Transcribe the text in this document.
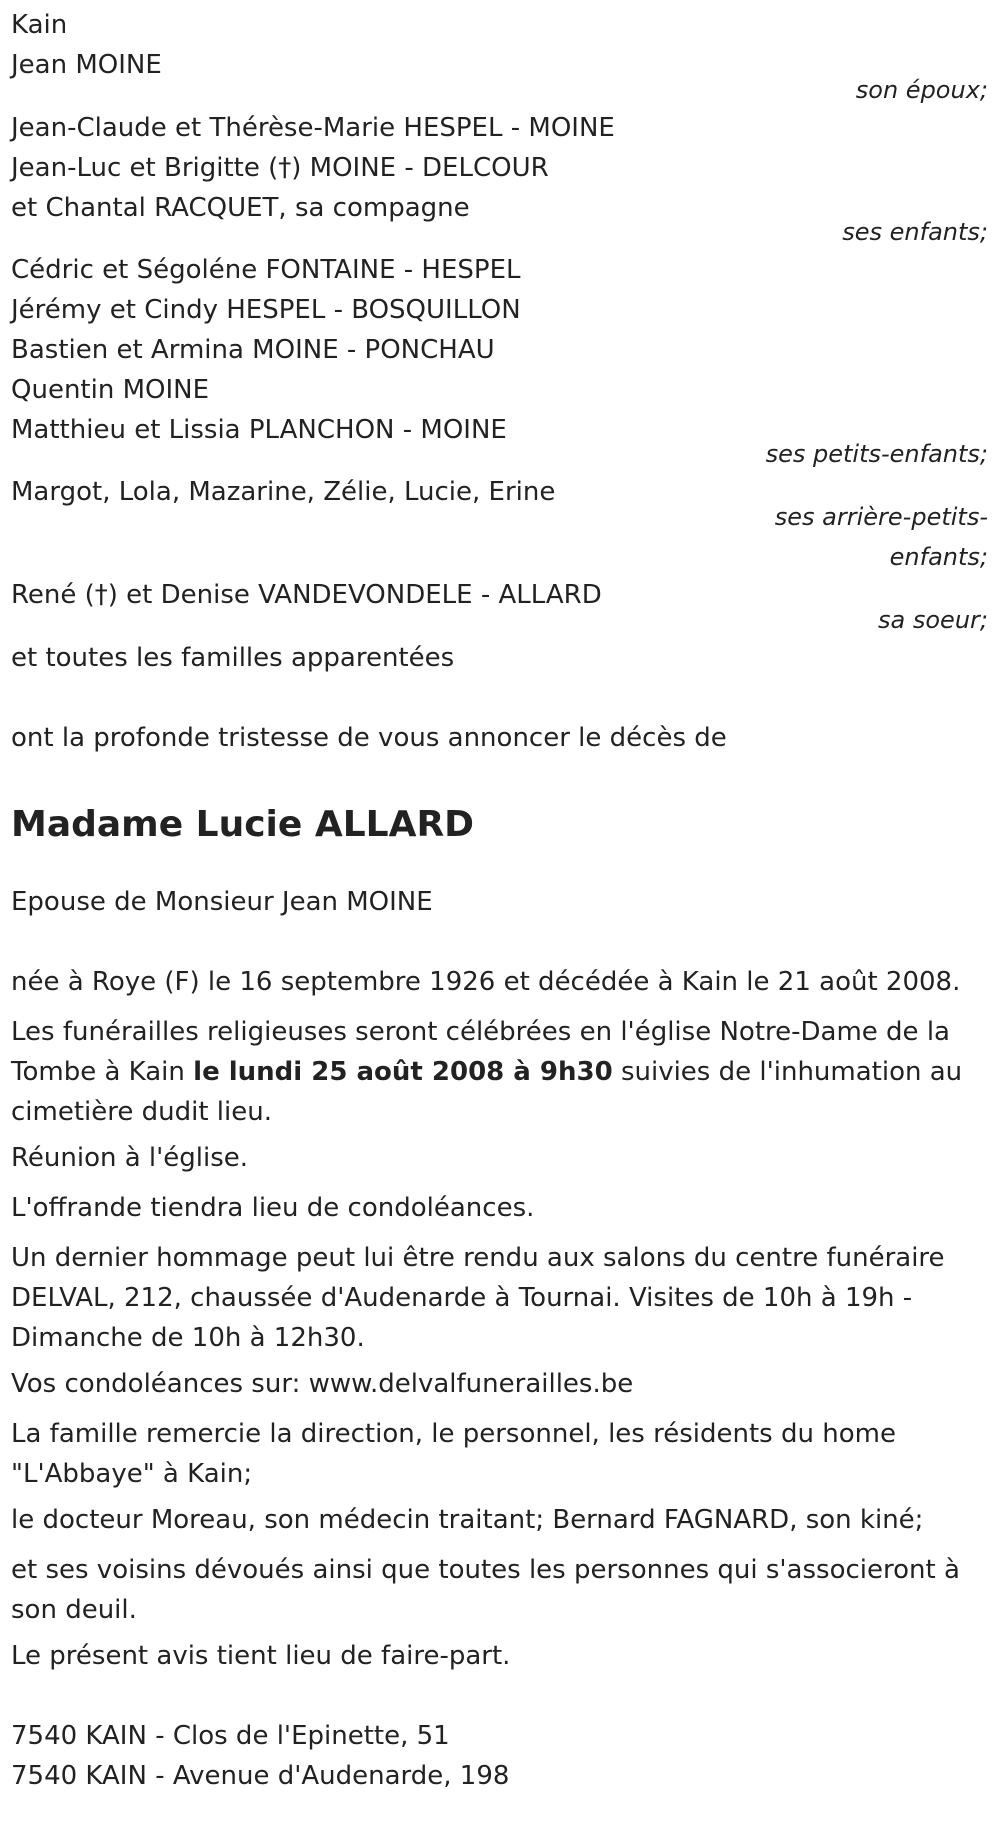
Kain
Jean MOINE
son époux;
Jean-Claude et Thérèse-Marie HESPEL - MOINE
Jean-Luc et Brigitte (†) MOINE - DELCOUR
et Chantal RACQUET, sa compagne
ses enfants;
Cédric et Ségoléne FONTAINE - HESPEL
Jérémy et Cindy HESPEL - BOSQUILLON
Bastien et Armina MOINE - PONCHAU
Quentin MOINE
Matthieu et Lissia PLANCHON - MOINE
ses petits-enfants;
Margot, Lola, Mazarine, Zélie, Lucie, Erine
ses arrière-petits-
enfants;
René (†) et Denise VANDEVONDELE - ALLARD
sa soeur;
et toutes les familles apparentées
ont la profonde tristesse de vous annoncer le décès de
Madame Lucie ALLARD
Epouse de Monsieur Jean MOINE
née à Roye (F) le 16 septembre 1926 et décédée à Kain le 21 août 2008.
Les funérailles religieuses seront célébrées en l'église Notre-Dame de la Tombe à Kain le lundi 25 août 2008 à 9h30 suivies de l'inhumation au cimetière dudit lieu.
Réunion à l'église.
L'offrande tiendra lieu de condoléances.
Un dernier hommage peut lui être rendu aux salons du centre funéraire DELVAL, 212, chaussée d'Audenarde à Tournai. Visites de 10h à 19h - Dimanche de 10h à 12h30.
Vos condoléances sur: www.delvalfunerailles.be
La famille remercie la direction, le personnel, les résidents du home "L'Abbaye" à Kain;
le docteur Moreau, son médecin traitant; Bernard FAGNARD, son kiné;
et ses voisins dévoués ainsi que toutes les personnes qui s'associeront à son deuil.
Le présent avis tient lieu de faire-part.
7540 KAIN - Clos de l'Epinette, 51
7540 KAIN - Avenue d'Audenarde, 198
